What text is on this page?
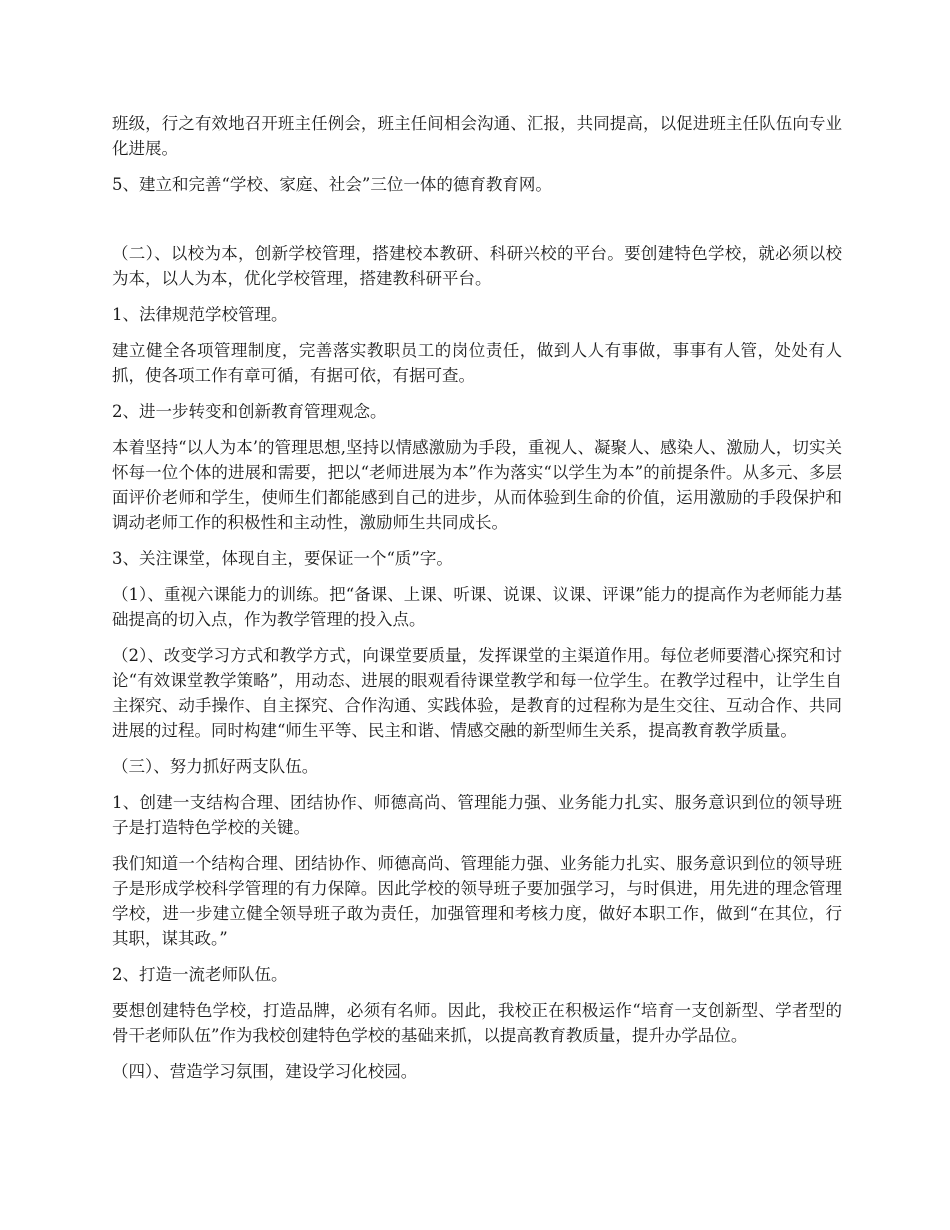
班级，行之有效地召开班主任例会，班主任间相会沟通、汇报，共同提高，以促进班主任队伍向专业化进展。

5、建立和完善“学校、家庭、社会”三位一体的德育教育网。

（二）、以校为本，创新学校管理，搭建校本教研、科研兴校的平台。要创建特色学校，就必须以校为本，以人为本，优化学校管理，搭建教科研平台。

1、法律规范学校管理。

建立健全各项管理制度，完善落实教职员工的岗位责任，做到人人有事做，事事有人管，处处有人抓，使各项工作有章可循，有据可依，有据可查。

2、进一步转变和创新教育管理观念。

本着坚持“以人为本’的管理思想,坚持以情感激励为手段，重视人、凝聚人、感染人、激励人，切实关怀每一位个体的进展和需要，把以“老师进展为本”作为落实“以学生为本”的前提条件。从多元、多层面评价老师和学生，使师生们都能感到自己的进步，从而体验到生命的价值，运用激励的手段保护和调动老师工作的积极性和主动性，激励师生共同成长。

3、关注课堂，体现自主，要保证一个“质”字。

（1）、重视六课能力的训练。把“备课、上课、听课、说课、议课、评课”能力的提高作为老师能力基础提高的切入点，作为教学管理的投入点。

（2）、改变学习方式和教学方式，向课堂要质量，发挥课堂的主渠道作用。每位老师要潜心探究和讨论“有效课堂教学策略”，用动态、进展的眼观看待课堂教学和每一位学生。在教学过程中，让学生自主探究、动手操作、自主探究、合作沟通、实践体验，是教育的过程称为是生交往、互动合作、共同进展的过程。同时构建“师生平等、民主和谐、情感交融的新型师生关系，提高教育教学质量。

（三）、努力抓好两支队伍。

1、创建一支结构合理、团结协作、师德高尚、管理能力强、业务能力扎实、服务意识到位的领导班子是打造特色学校的关键。

我们知道一个结构合理、团结协作、师德高尚、管理能力强、业务能力扎实、服务意识到位的领导班子是形成学校科学管理的有力保障。因此学校的领导班子要加强学习，与时俱进，用先进的理念管理学校，进一步建立健全领导班子敢为责任，加强管理和考核力度，做好本职工作，做到“在其位，行其职，谋其政。”

2、打造一流老师队伍。

要想创建特色学校，打造品牌，必须有名师。因此，我校正在积极运作“培育一支创新型、学者型的骨干老师队伍”作为我校创建特色学校的基础来抓，以提高教育教质量，提升办学品位。

（四）、营造学习氛围，建设学习化校园。
